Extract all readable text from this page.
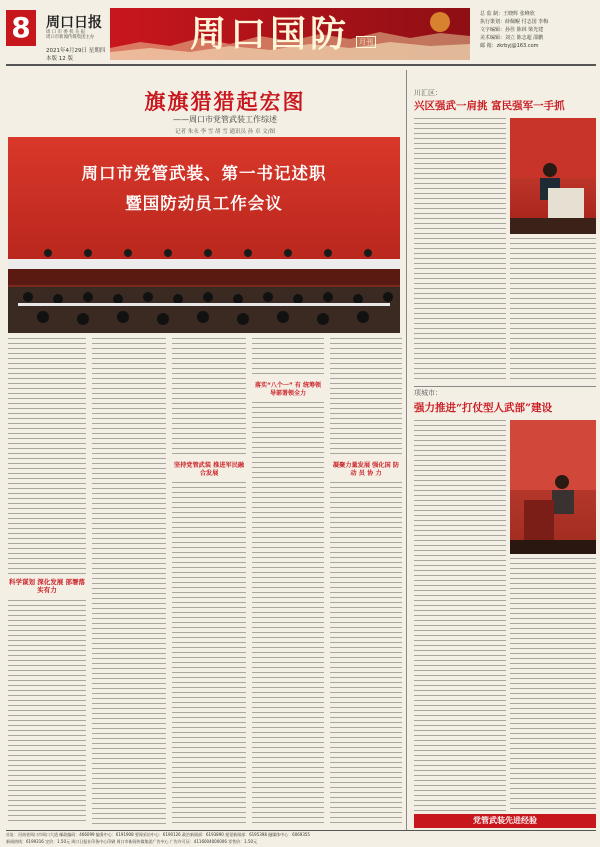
8	周口日报
周 口 市 委 机 关 报
周口市新闻传媒集团主办
2021年4月29日 星期四
本版 12 版
周口国防	月刊
总 监 制：王晓辉 张峰欣
执行策划：薛佩鲲 付志国 李梅
文字编辑：孙佳 陈林 梁光建
美术编辑：刘立 陈志超 邵鹏
邮 箱：zkrbyj@163.com
旗旗猎猎起宏图
——周口市党管武装工作综述
记者 朱永 李 雪 胡 雪 通讯员 孙 卓 文/图
周口市党管武装、第一书记述职
暨国防动员工作会议
科学谋划 深化发展 部署落实有力
坚持党管武装 推进军民融合发展
落实“八个一” 有 统筹领导部署领全力
凝聚力量发展 强化国 防 动 员 协 力
川汇区：
兴区强武一肩挑 富民强军一手抓
项城市：
强力推进“打仗型人武部”建设
党管武装先进经验
社址：河南省周口市周口大道 邮政编码：466099 编务中心：6191908 要闻采访中心：6190126 政治新闻部：6193890 视觉新闻部：6195398 融媒体中心：6069355
新闻热线：6199316 定价：1.50元 周口日报社印务中心印刷 周口市新闻传媒集团广告中心 广告许可证：4116004000006 零售价：1.50元
